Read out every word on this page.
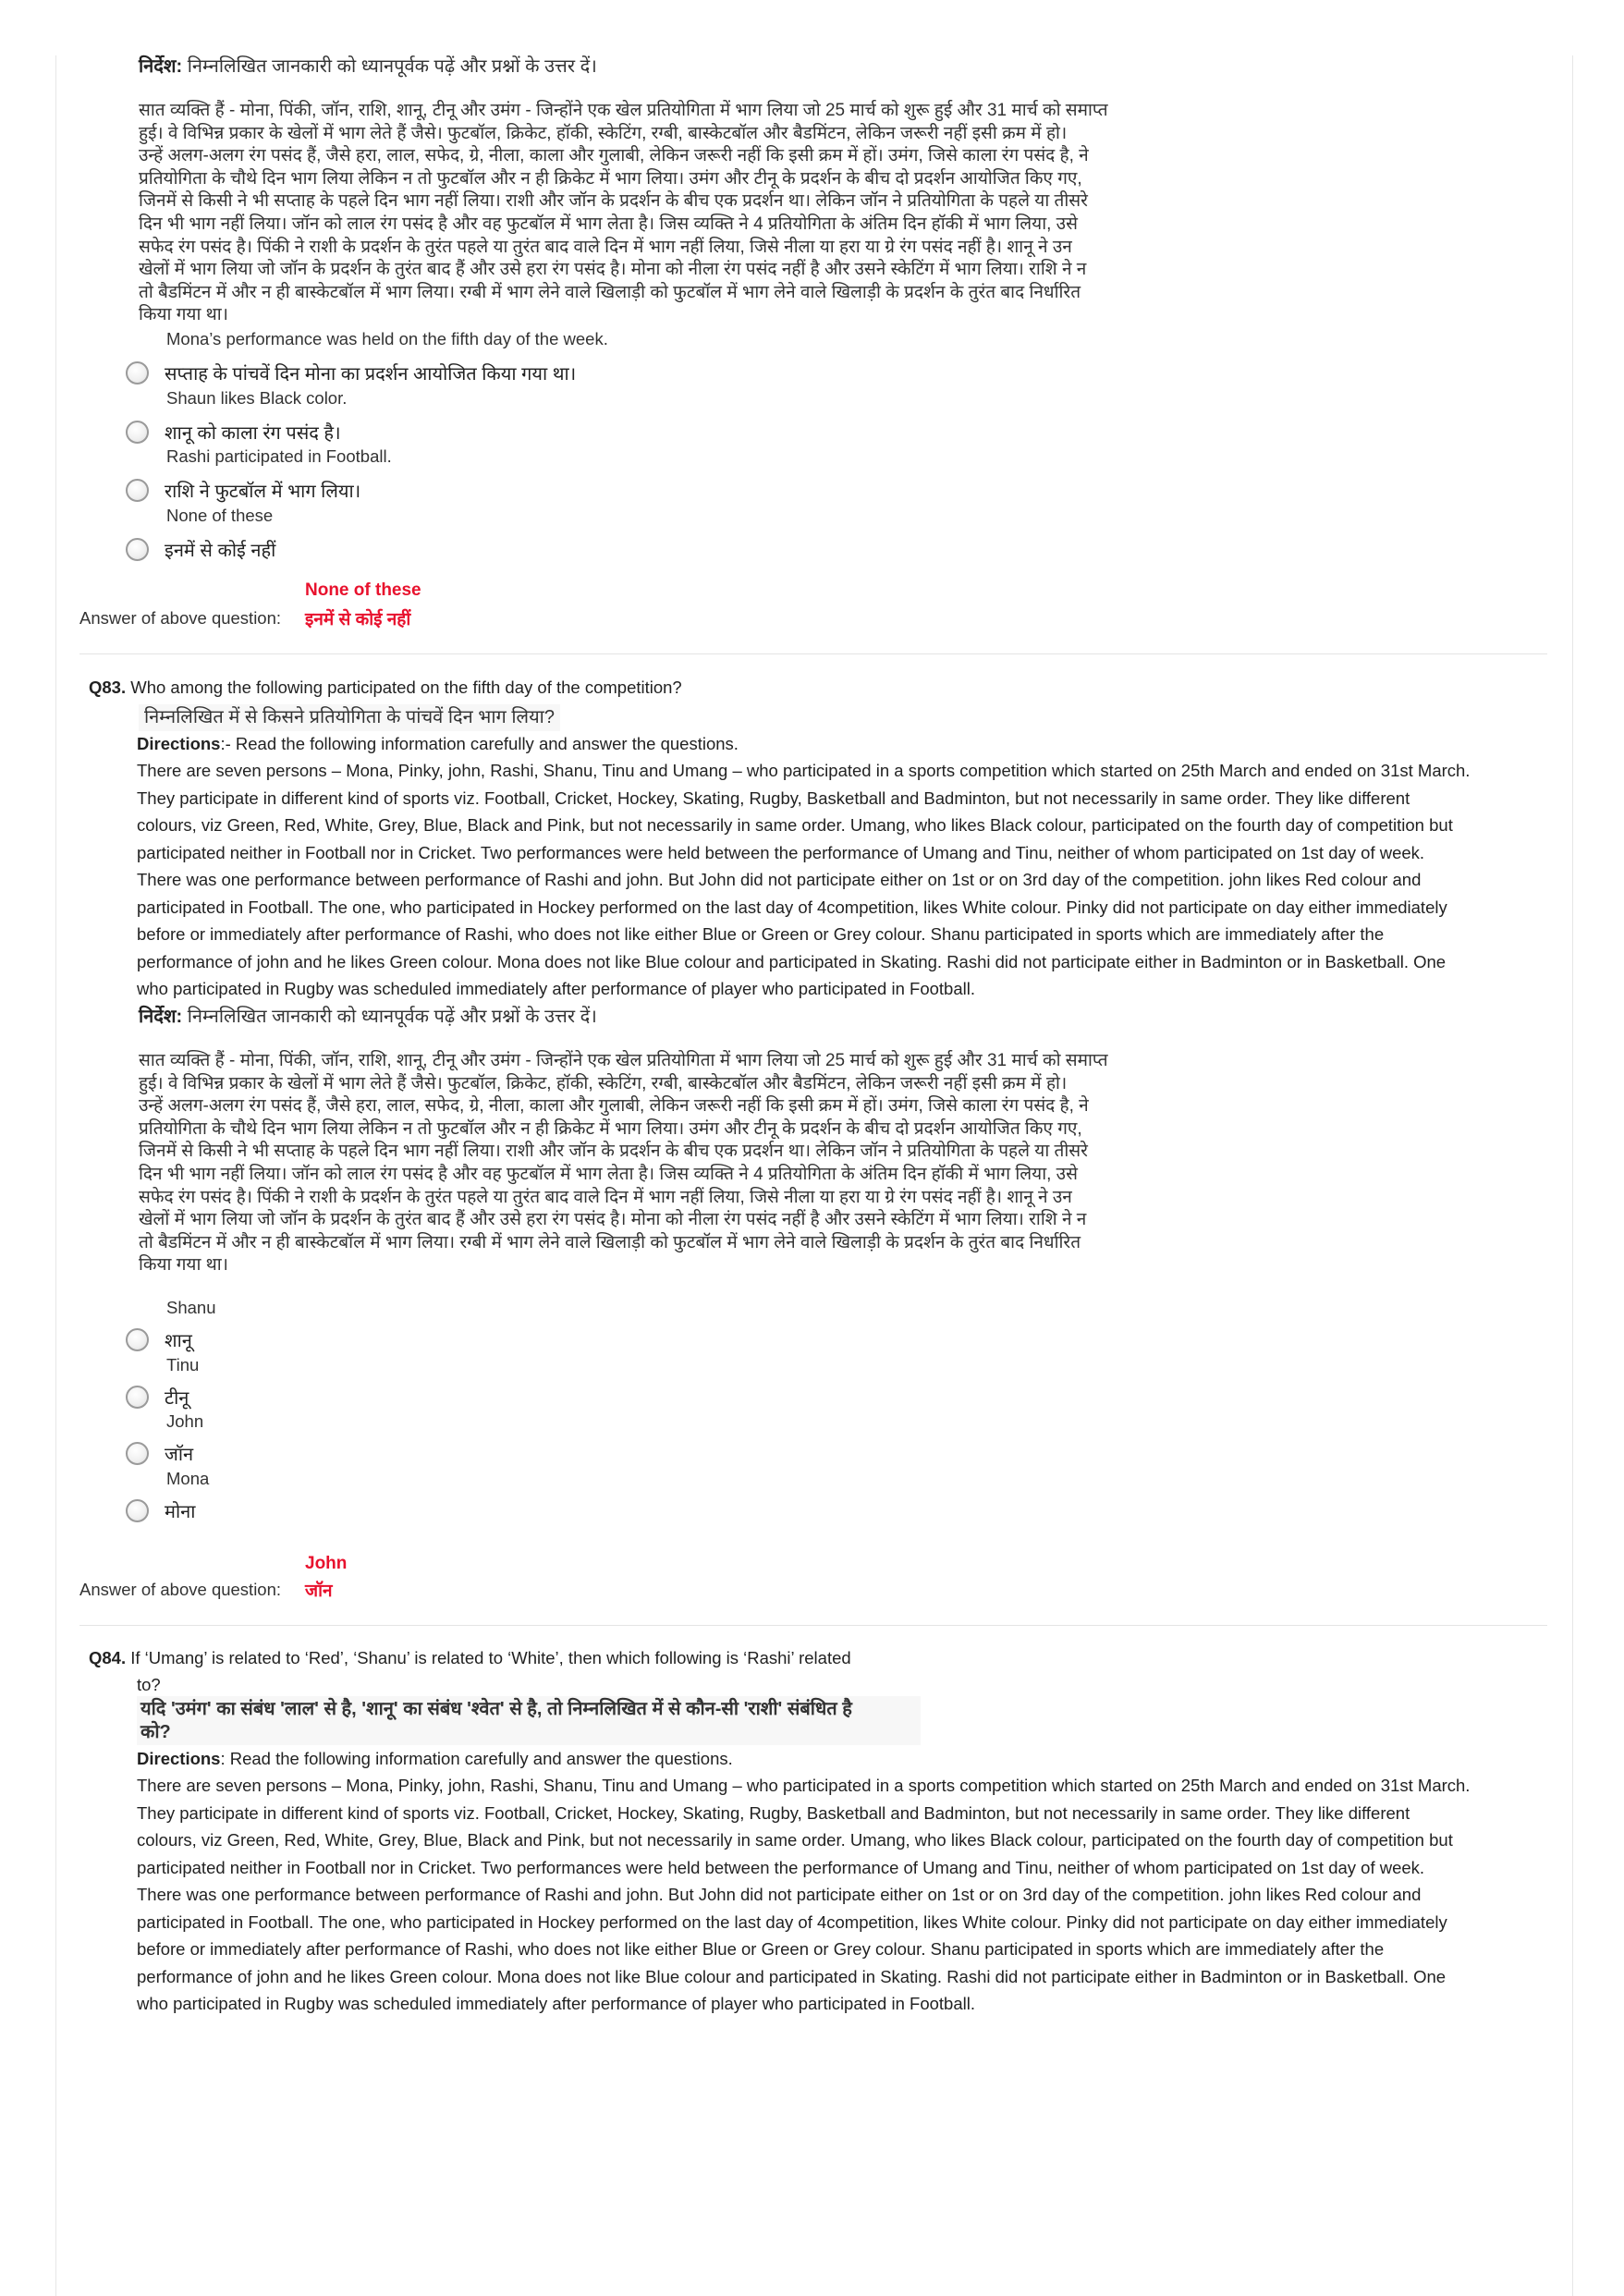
निर्देश: निम्नलिखित जानकारी को ध्यानपूर्वक पढ़ें और प्रश्नों के उत्तर दें।

सात व्यक्ति हैं - मोना, पिंकी, जॉन, राशि, शानू, टीनू और उमंग - जिन्होंने एक खेल प्रतियोगिता में भाग लिया जो 25 मार्च को शुरू हुई और 31 मार्च को समाप्त

हुई। वे विभिन्न प्रकार के खेलों में भाग लेते हैं जैसे। फुटबॉल, क्रिकेट, हॉकी, स्केटिंग, रग्बी, बास्केटबॉल और बैडमिंटन, लेकिन जरूरी नहीं इसी क्रम में हो।

उन्हें अलग-अलग रंग पसंद हैं, जैसे हरा, लाल, सफेद, ग्रे, नीला, काला और गुलाबी, लेकिन जरूरी नहीं कि इसी क्रम में हों। उमंग, जिसे काला रंग पसंद है, ने

प्रतियोगिता के चौथे दिन भाग लिया लेकिन न तो फुटबॉल और न ही क्रिकेट में भाग लिया। उमंग और टीनू के प्रदर्शन के बीच दो प्रदर्शन आयोजित किए गए,

जिनमें से किसी ने भी सप्ताह के पहले दिन भाग नहीं लिया। राशी और जॉन के प्रदर्शन के बीच एक प्रदर्शन था। लेकिन जॉन ने प्रतियोगिता के पहले या तीसरे

दिन भी भाग नहीं लिया। जॉन को लाल रंग पसंद है और वह फुटबॉल में भाग लेता है। जिस व्यक्ति ने 4 प्रतियोगिता के अंतिम दिन हॉकी में भाग लिया, उसे

सफेद रंग पसंद है। पिंकी ने राशी के प्रदर्शन के तुरंत पहले या तुरंत बाद वाले दिन में भाग नहीं लिया, जिसे नीला या हरा या ग्रे रंग पसंद नहीं है। शानू ने उन

खेलों में भाग लिया जो जॉन के प्रदर्शन के तुरंत बाद हैं और उसे हरा रंग पसंद है। मोना को नीला रंग पसंद नहीं है और उसने स्केटिंग में भाग लिया। राशि ने न

तो बैडमिंटन में और न ही बास्केटबॉल में भाग लिया। रग्बी में भाग लेने वाले खिलाड़ी को फुटबॉल में भाग लेने वाले खिलाड़ी के प्रदर्शन के तुरंत बाद निर्धारित

किया गया था।

Mona’s performance was held on the fifth day of the week.
सप्ताह के पांचवें दिन मोना का प्रदर्शन आयोजित किया गया था।
Shaun likes Black color.
शानू को काला रंग पसंद है।
Rashi participated in Football.
राशि ने फुटबॉल में भाग लिया।
None of these
इनमें से कोई नहीं
None of these
Answer of above question: इनमें से कोई नहीं
Q83. Who among the following participated on the fifth day of the competition?
निम्नलिखित में से किसने प्रतियोगिता के पांचवें दिन भाग लिया?
Directions:- Read the following information carefully and answer the questions.

There are seven persons – Mona, Pinky, john, Rashi, Shanu, Tinu and Umang – who participated in a sports competition which started on 25th March and ended on 31st March.

They participate in different kind of sports viz. Football, Cricket, Hockey, Skating, Rugby, Basketball and Badminton, but not necessarily in same order. They like different

colours, viz Green, Red, White, Grey, Blue, Black and Pink, but not necessarily in same order. Umang, who likes Black colour, participated on the fourth day of competition but

participated neither in Football nor in Cricket. Two performances were held between the performance of Umang and Tinu, neither of whom participated on 1st day of week.

There was one performance between performance of Rashi and john. But John did not participate either on 1st or on 3rd day of the competition. john likes Red colour and

participated in Football. The one, who participated in Hockey performed on the last day of 4competition, likes White colour. Pinky did not participate on day either immediately

before or immediately after performance of Rashi, who does not like either Blue or Green or Grey colour. Shanu participated in sports which are immediately after the

performance of john and he likes Green colour. Mona does not like Blue colour and participated in Skating. Rashi did not participate either in Badminton or in Basketball. One

who participated in Rugby was scheduled immediately after performance of player who participated in Football.

निर्देश: निम्नलिखित जानकारी को ध्यानपूर्वक पढ़ें और प्रश्नों के उत्तर दें।

सात व्यक्ति हैं - मोना, पिंकी, जॉन, राशि, शानू, टीनू और उमंग - जिन्होंने एक खेल प्रतियोगिता में भाग लिया जो 25 मार्च को शुरू हुई और 31 मार्च को समाप्त

हुई। वे विभिन्न प्रकार के खेलों में भाग लेते हैं जैसे। फुटबॉल, क्रिकेट, हॉकी, स्केटिंग, रग्बी, बास्केटबॉल और बैडमिंटन, लेकिन जरूरी नहीं इसी क्रम में हो।

उन्हें अलग-अलग रंग पसंद हैं, जैसे हरा, लाल, सफेद, ग्रे, नीला, काला और गुलाबी, लेकिन जरूरी नहीं कि इसी क्रम में हों। उमंग, जिसे काला रंग पसंद है, ने

प्रतियोगिता के चौथे दिन भाग लिया लेकिन न तो फुटबॉल और न ही क्रिकेट में भाग लिया। उमंग और टीनू के प्रदर्शन के बीच दो प्रदर्शन आयोजित किए गए,

जिनमें से किसी ने भी सप्ताह के पहले दिन भाग नहीं लिया। राशी और जॉन के प्रदर्शन के बीच एक प्रदर्शन था। लेकिन जॉन ने प्रतियोगिता के पहले या तीसरे

दिन भी भाग नहीं लिया। जॉन को लाल रंग पसंद है और वह फुटबॉल में भाग लेता है। जिस व्यक्ति ने 4 प्रतियोगिता के अंतिम दिन हॉकी में भाग लिया, उसे

सफेद रंग पसंद है। पिंकी ने राशी के प्रदर्शन के तुरंत पहले या तुरंत बाद वाले दिन में भाग नहीं लिया, जिसे नीला या हरा या ग्रे रंग पसंद नहीं है। शानू ने उन

खेलों में भाग लिया जो जॉन के प्रदर्शन के तुरंत बाद हैं और उसे हरा रंग पसंद है। मोना को नीला रंग पसंद नहीं है और उसने स्केटिंग में भाग लिया। राशि ने न

तो बैडमिंटन में और न ही बास्केटबॉल में भाग लिया। रग्बी में भाग लेने वाले खिलाड़ी को फुटबॉल में भाग लेने वाले खिलाड़ी के प्रदर्शन के तुरंत बाद निर्धारित

किया गया था।

Shanu
शानू
Tinu
टीनू
John
जॉन
Mona
मोना
John
Answer of above question: जॉन
Q84. If ‘Umang’ is related to ‘Red’, ‘Shanu’ is related to ‘White’, then which following is ‘Rashi’ related
to?
यदि 'उमंग' का संबंध 'लाल' से है, 'शानू' का संबंध 'श्वेत' से है, तो निम्नलिखित में से कौन-सी 'राशी' संबंधित है
को?
Directions: Read the following information carefully and answer the questions.

There are seven persons – Mona, Pinky, john, Rashi, Shanu, Tinu and Umang – who participated in a sports competition which started on 25th March and ended on 31st March.

They participate in different kind of sports viz. Football, Cricket, Hockey, Skating, Rugby, Basketball and Badminton, but not necessarily in same order. They like different

colours, viz Green, Red, White, Grey, Blue, Black and Pink, but not necessarily in same order. Umang, who likes Black colour, participated on the fourth day of competition but

participated neither in Football nor in Cricket. Two performances were held between the performance of Umang and Tinu, neither of whom participated on 1st day of week.

There was one performance between performance of Rashi and john. But John did not participate either on 1st or on 3rd day of the competition. john likes Red colour and

participated in Football. The one, who participated in Hockey performed on the last day of 4competition, likes White colour. Pinky did not participate on day either immediately

before or immediately after performance of Rashi, who does not like either Blue or Green or Grey colour. Shanu participated in sports which are immediately after the

performance of john and he likes Green colour. Mona does not like Blue colour and participated in Skating. Rashi did not participate either in Badminton or in Basketball. One

who participated in Rugby was scheduled immediately after performance of player who participated in Football.
